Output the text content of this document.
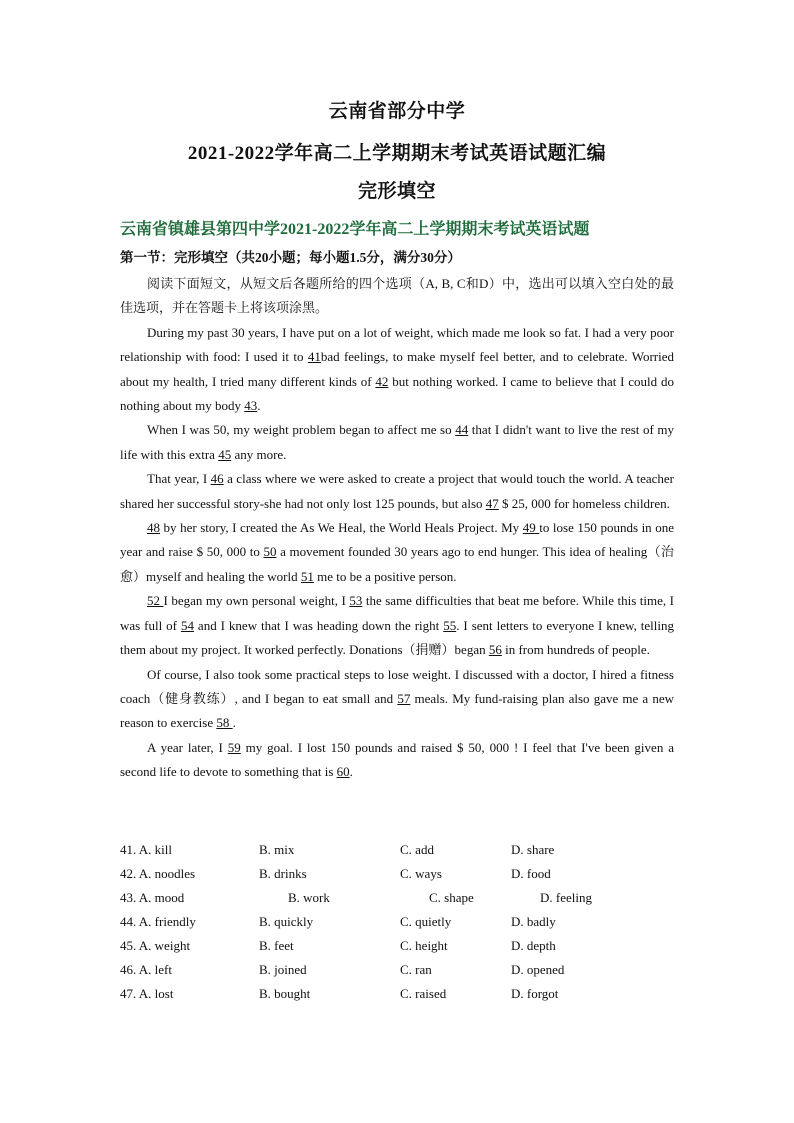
云南省部分中学
2021-2022学年高二上学期期末考试英语试题汇编
完形填空
云南省镇雄县第四中学2021-2022学年高二上学期期末考试英语试题
第一节：完形填空（共20小题；每小题1.5分，满分30分）

阅读下面短文，从短文后各题所给的四个选项（A, B, C和D）中，选出可以填入空白处的最佳选项，并在答题卡上将该项涂黑。

During my past 30 years, I have put on a lot of weight, which made me look so fat. I had a very poor relationship with food: I used it to 41bad feelings, to make myself feel better, and to celebrate. Worried about my health, I tried many different kinds of 42 but nothing worked. I came to believe that I could do nothing about my body 43.

When I was 50, my weight problem began to affect me so 44 that I didn't want to live the rest of my life with this extra 45 any more.

That year, I 46 a class where we were asked to create a project that would touch the world. A teacher shared her successful story-she had not only lost 125 pounds, but also 47 $ 25, 000 for homeless children.

48 by her story, I created the As We Heal, the World Heals Project. My 49 to lose 150 pounds in one year and raise $ 50, 000 to 50 a movement founded 30 years ago to end hunger. This idea of healing（治愈）myself and healing the world 51 me to be a positive person.

52 I began my own personal weight, I 53 the same difficulties that beat me before. While this time, I was full of 54 and I knew that I was heading down the right 55. I sent letters to everyone I knew, telling them about my project. It worked perfectly. Donations（捐赠）began 56 in from hundreds of people.

Of course, I also took some practical steps to lose weight. I discussed with a doctor, I hired a fitness coach（健身教练）, and I began to eat small and 57 meals. My fund-raising plan also gave me a new reason to exercise 58 .

A year later, I 59 my goal. I lost 150 pounds and raised $ 50, 000 ! I feel that I've been given a second life to devote to something that is 60.

41. A. kill	B. mix	C. add	D. share
42. A. noodles	B. drinks	C. ways	D. food
43. A. mood	B. work	C. shape	D. feeling
44. A. friendly	B. quickly	C. quietly	D. badly
45. A. weight	B. feet	C. height	D. depth
46. A. left	B. joined	C. ran	D. opened
47. A. lost	B. bought	C. raised	D. forgot
